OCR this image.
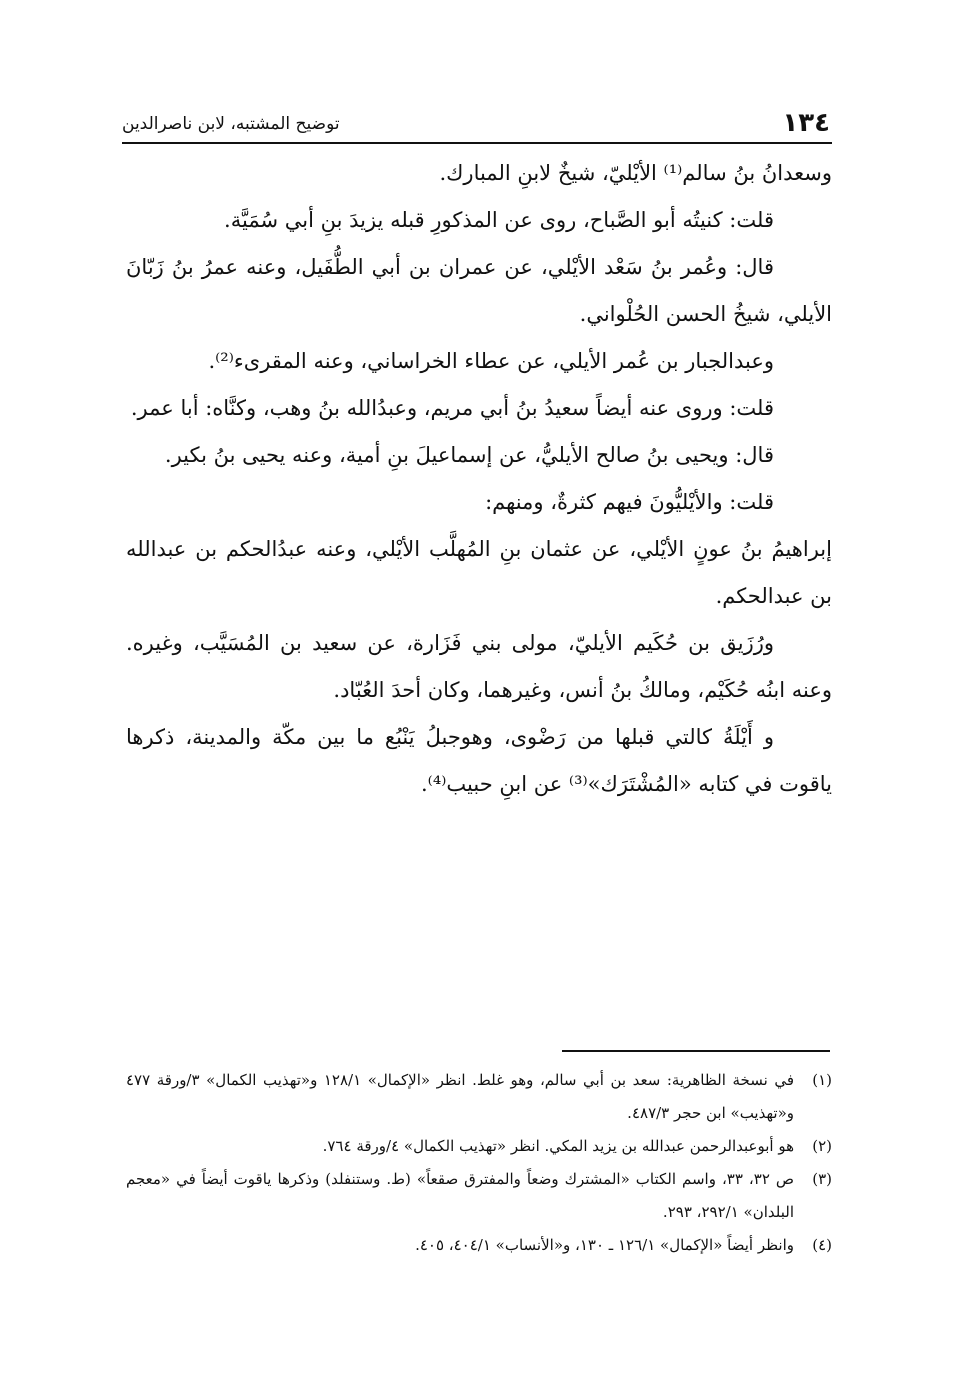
١٣٤
توضيح المشتبه، لابن ناصرالدين

وسعدانُ بنُ سالم⁽¹⁾ الأيْليّ، شيخٌ لابنِ المبارك.

قلت: كنيتُه أبو الصَّباح، روى عن المذكورِ قبله يزيدَ بنِ أبي سُمَيَّة.

قال: وعُمر بنُ سَعْد الأيْلي، عن عمران بن أبي الطُّفَيل، وعنه عمرُ بنُ زَبّانَ الأيلي، شيخُ الحسن الحُلْواني.

وعبدالجبار بن عُمر الأيلي، عن عطاء الخراساني، وعنه المقرىء⁽²⁾.

قلت: وروى عنه أيضاً سعيدُ بنُ أبي مريم، وعبدُالله بنُ وهب، وكنَّاه: أبا عمر.

قال: ويحيى بنُ صالح الأيليُّ، عن إسماعيلَ بنِ أمية، وعنه يحيى بنُ بكير.

قلت: والأيْليُّونَ فيهم كثرةٌ، ومنهم:

إبراهيمُ بنُ عونٍ الأيْلي، عن عثمان بنِ المُهلَّب الأيْلي، وعنه عبدُالحكم بن عبدالله بن عبدالحكم.

ورُزَيق بن حُكَيم الأيليّ، مولى بني فَزَارة، عن سعيد بن المُسَيَّب، وغيره. وعنه ابنُه حُكَيْم، ومالكُ بنُ أنس، وغيرهما، وكان أحدَ العُبّاد.

و أَيْلَةُ كالتي قبلها من رَضْوى، وهوجبلُ يَنْبُع ما بين مكّة والمدينة، ذكرها ياقوت في كتابه «المُشْتَرَك»⁽³⁾ عن ابنِ حبيب⁽⁴⁾.

(١)
في نسخة الظاهرية: سعد بن أبي سالم، وهو غلط. انظر «الإكمال» ١٢٨/١ و«تهذيب الكمال» ٣/ورقة ٤٧٧ و«تهذيب» ابن حجر ٤٨٧/٣.
(٢)
هو أبوعبدالرحمن عبدالله بن يزيد المكي. انظر «تهذيب الكمال» ٤/ورقة ٧٦٤.
(٣)
ص ٣٢، ٣٣، واسم الكتاب «المشترك وضعاً والمفترق صقعاً» (ط. وستنفلد) وذكرها ياقوت أيضاً في «معجم البلدان» ٢٩٢/١، ٢٩٣.
(٤)
وانظر أيضاً «الإكمال» ١٢٦/١ ـ ١٣٠، و«الأنساب» ٤٠٤/١، ٤٠٥.
